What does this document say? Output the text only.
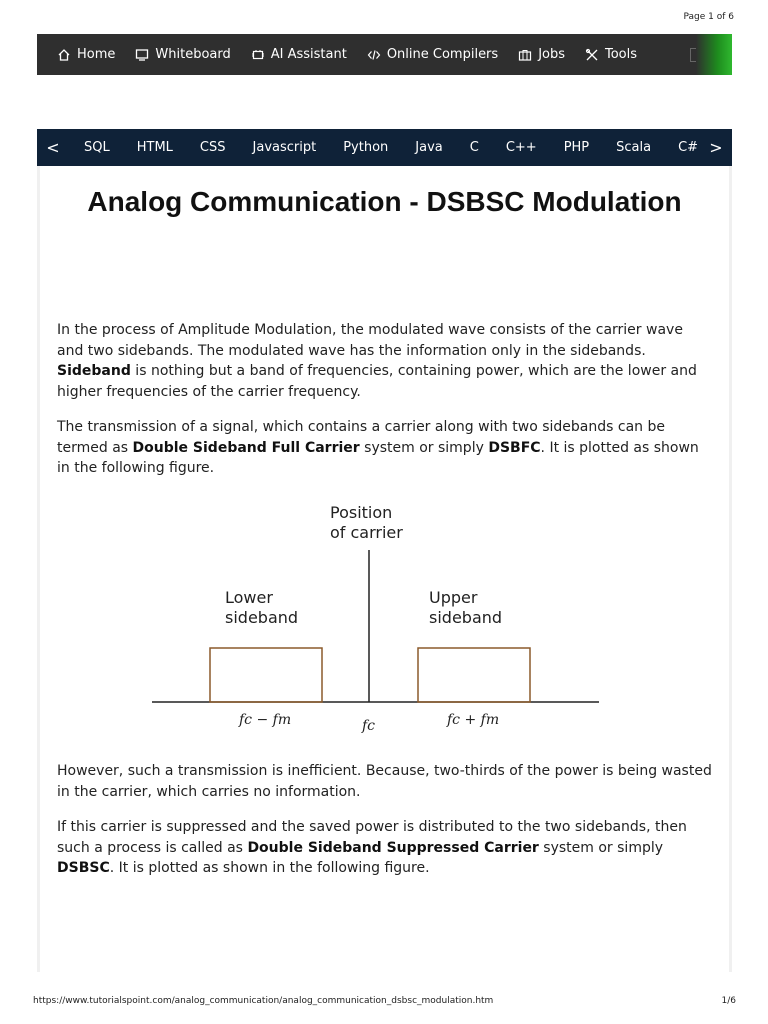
Page 1 of 6
Home	Whiteboard	AI Assistant	Online Compilers	Jobs	Tools
<	SQL HTML CSS Javascript Python Java C C++ PHP Scala C# >
Analog Communication - DSBSC Modulation

In the process of Amplitude Modulation, the modulated wave consists of the carrier wave and two sidebands. The modulated wave has the information only in the sidebands. Sideband is nothing but a band of frequencies, containing power, which are the lower and higher frequencies of the carrier frequency.

The transmission of a signal, which contains a carrier along with two sidebands can be termed as Double Sideband Full Carrier system or simply DSBFC. It is plotted as shown in the following figure.

Position
of carrier
Lower
sideband
Upper
sideband
fc − fm	fc	fc + fm

However, such a transmission is inefficient. Because, two-thirds of the power is being wasted in the carrier, which carries no information.

If this carrier is suppressed and the saved power is distributed to the two sidebands, then such a process is called as Double Sideband Suppressed Carrier system or simply DSBSC. It is plotted as shown in the following figure.

https://www.tutorialspoint.com/analog_communication/analog_communication_dsbsc_modulation.htm	1/6
